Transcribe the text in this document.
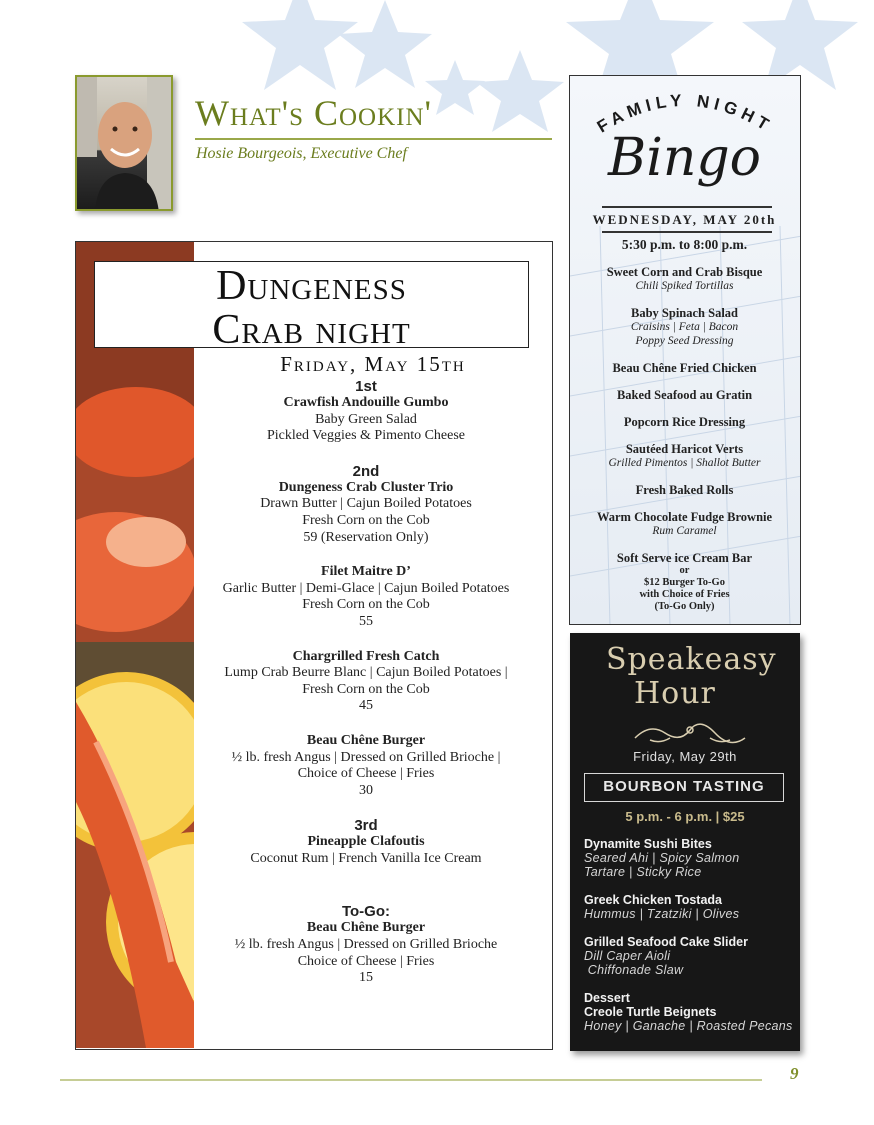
What's Cookin'
Hosie Bourgeois, Executive Chef
Dungeness
Crab night
Friday, May 15th
1st
Crawfish Andouille Gumbo
Baby Green Salad
Pickled Veggies & Pimento Cheese
2nd
Dungeness Crab Cluster Trio
Drawn Butter | Cajun Boiled Potatoes
Fresh Corn on the Cob
59 (Reservation Only)
Filet Maitre D’
Garlic Butter | Demi-Glace | Cajun Boiled Potatoes
Fresh Corn on the Cob
55
Chargrilled Fresh Catch
Lump Crab Beurre Blanc | Cajun Boiled Potatoes |
Fresh Corn on the Cob
45
Beau Chêne Burger
½ lb. fresh Angus | Dressed on Grilled Brioche |
Choice of Cheese | Fries
30
3rd
Pineapple Clafoutis
Coconut Rum | French Vanilla Ice Cream
To-Go:
Beau Chêne Burger
½ lb. fresh Angus | Dressed on Grilled Brioche
Choice of Cheese | Fries
15
FAMILY NIGHT
Bingo
WEDNESDAY, MAY 20th
5:30 p.m. to 8:00 p.m.
Sweet Corn and Crab Bisque
Chili Spiked Tortillas
Baby Spinach Salad
Craisins | Feta | Bacon
Poppy Seed Dressing
Beau Chêne Fried Chicken
Baked Seafood au Gratin
Popcorn Rice Dressing
Sautéed Haricot Verts
Grilled Pimentos | Shallot Butter
Fresh Baked Rolls
Warm Chocolate Fudge Brownie
Rum Caramel
Soft Serve ice Cream Bar
or
$12 Burger To-Go
with Choice of Fries
(To-Go Only)
Speakeasy
Hour
Friday, May 29th
BOURBON TASTING
5 p.m. - 6 p.m. | $25
Dynamite Sushi Bites
Seared Ahi | Spicy Salmon
Tartare | Sticky Rice
Greek Chicken Tostada
Hummus | Tzatziki | Olives
Grilled Seafood Cake Slider
Dill Caper Aioli
Chiffonade Slaw
Dessert
Creole Turtle Beignets
Honey | Ganache | Roasted Pecans
9
